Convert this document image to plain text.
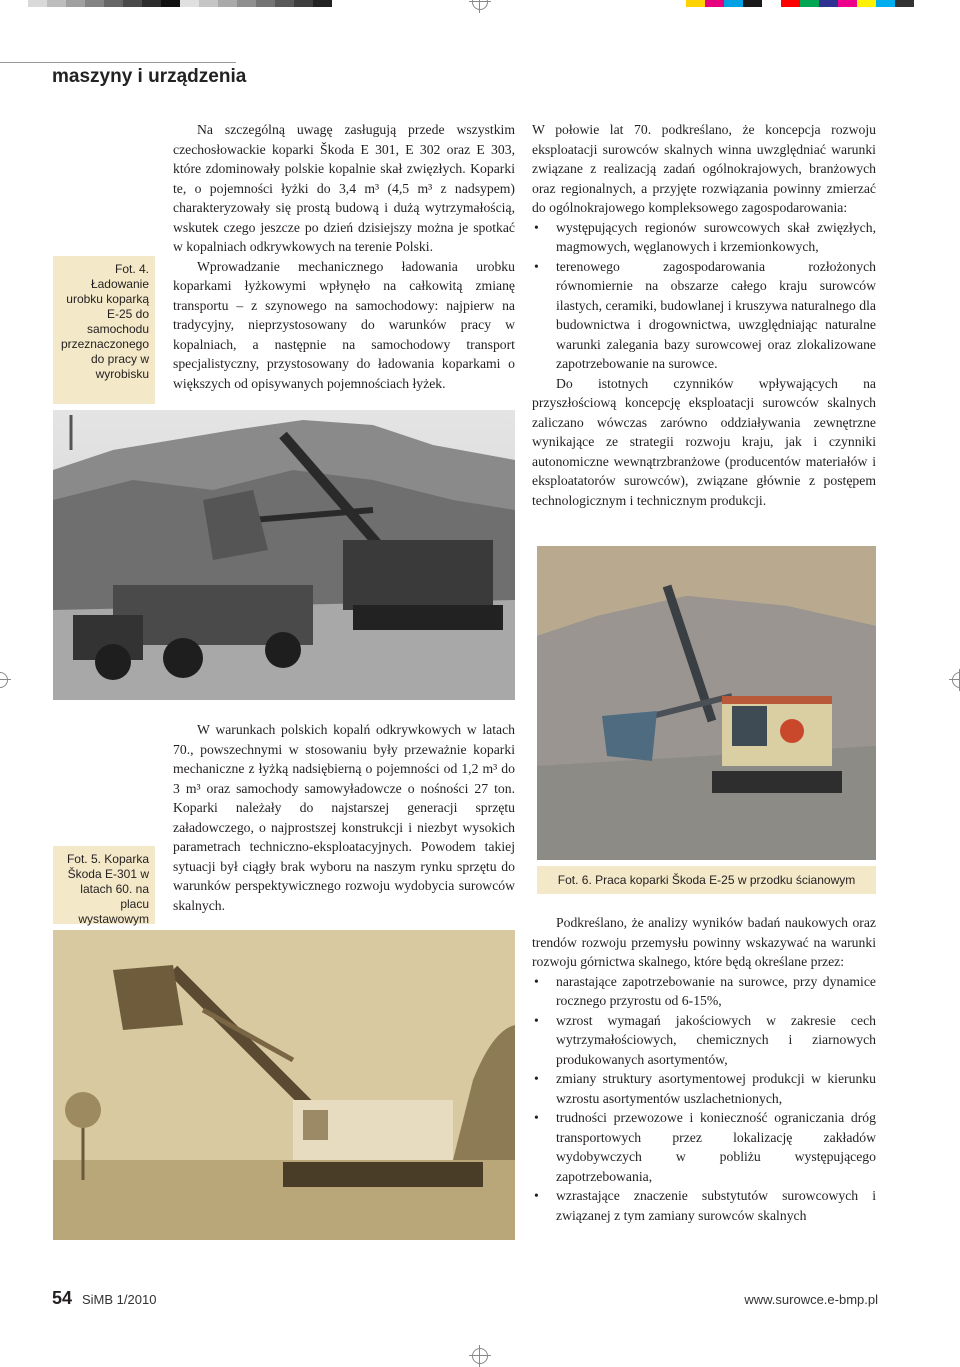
maszyny i urządzenia
Fot. 4. Ładowanie urobku koparką E-25 do samochodu przeznaczonego do pracy w wyrobisku

Na szczególną uwagę zasługują przede wszystkim czechosłowackie koparki Škoda E 301, E 302 oraz E 303, które zdominowały polskie kopalnie skał zwięzłych. Koparki te, o pojemności łyżki do 3,4 m³ (4,5 m³ z nadsypem) charakteryzowały się prostą budową i dużą wytrzymałością, wskutek czego jeszcze po dzień dzisiejszy można je spotkać w kopalniach odkrywkowych na terenie Polski.

Wprowadzanie mechanicznego ładowania urobku koparkami łyżkowymi wpłynęło na całkowitą zmianę transportu – z szynowego na samochodowy: najpierw na tradycyjny, nieprzystosowany do warunków pracy w kopalniach, a następnie na samochodowy transport specjalistyczny, przystosowany do ładowania koparkami o większych od opisywanych pojemnościach łyżek.

W połowie lat 70. podkreślano, że koncepcja rozwoju eksploatacji surowców skalnych winna uwzględniać warunki związane z realizacją zadań ogólnokrajowych, branżowych oraz regionalnych, a przyjęte rozwiązania powinny zmierzać do ogólnokrajowego kompleksowego zagospodarowania:

• występujących regionów surowcowych skał zwięzłych, magmowych, węglanowych i krzemionkowych,
• terenowego zagospodarowania rozłożonych równomiernie na obszarze całego kraju surowców ilastych, ceramiki, budowlanej i kruszywa naturalnego dla budownictwa i drogownictwa, uwzględniając naturalne warunki zalegania bazy surowcowej oraz zlokalizowane zapotrzebowanie na surowce.

Do istotnych czynników wpływających na przyszłościową koncepcję eksploatacji surowców skalnych zaliczano wówczas zarówno oddziaływania zewnętrzne wynikające ze strategii rozwoju kraju, jak i czynniki autonomiczne wewnątrzbranżowe (producentów materiałów i eksploatatorów surowców), związane głównie z postępem technologicznym i technicznym produkcji.

Fot. 6. Praca koparki Škoda E-25 w przodku ścianowym
Fot. 5. Koparka Škoda E-301 w latach 60. na placu wystawowym

W warunkach polskich kopalń odkrywkowych w latach 70., powszechnymi w stosowaniu były przeważnie koparki mechaniczne z łyżką nadsiębierną o pojemności od 1,2 m³ do 3 m³ oraz samochody samowyładowcze o nośności 27 ton. Koparki należały do najstarszej generacji sprzętu załadowczego, o najprostszej konstrukcji i niezbyt wysokich parametrach techniczno-eksploatacyjnych. Powodem takiej sytuacji był ciągły brak wyboru na naszym rynku sprzętu do warunków perspektywicznego rozwoju wydobycia surowców skalnych.

Podkreślano, że analizy wyników badań naukowych oraz trendów rozwoju przemysłu powinny wskazywać na warunki rozwoju górnictwa skalnego, które będą określane przez:

• narastające zapotrzebowanie na surowce, przy dynamice rocznego przyrostu od 6-15%,
• wzrost wymagań jakościowych w zakresie cech wytrzymałościowych, chemicznych i ziarnowych produkowanych asortymentów,
• zmiany struktury asortymentowej produkcji w kierunku wzrostu asortymentów uszlachetnionych,
• trudności przewozowe i konieczność ograniczania dróg transportowych przez lokalizację zakładów wydobywczych w pobliżu występującego zapotrzebowania,
• wzrastające znaczenie substytutów surowcowych i związanej z tym zamiany surowców skalnych
54 SiMB 1/2010	www.surowce.e-bmp.pl
